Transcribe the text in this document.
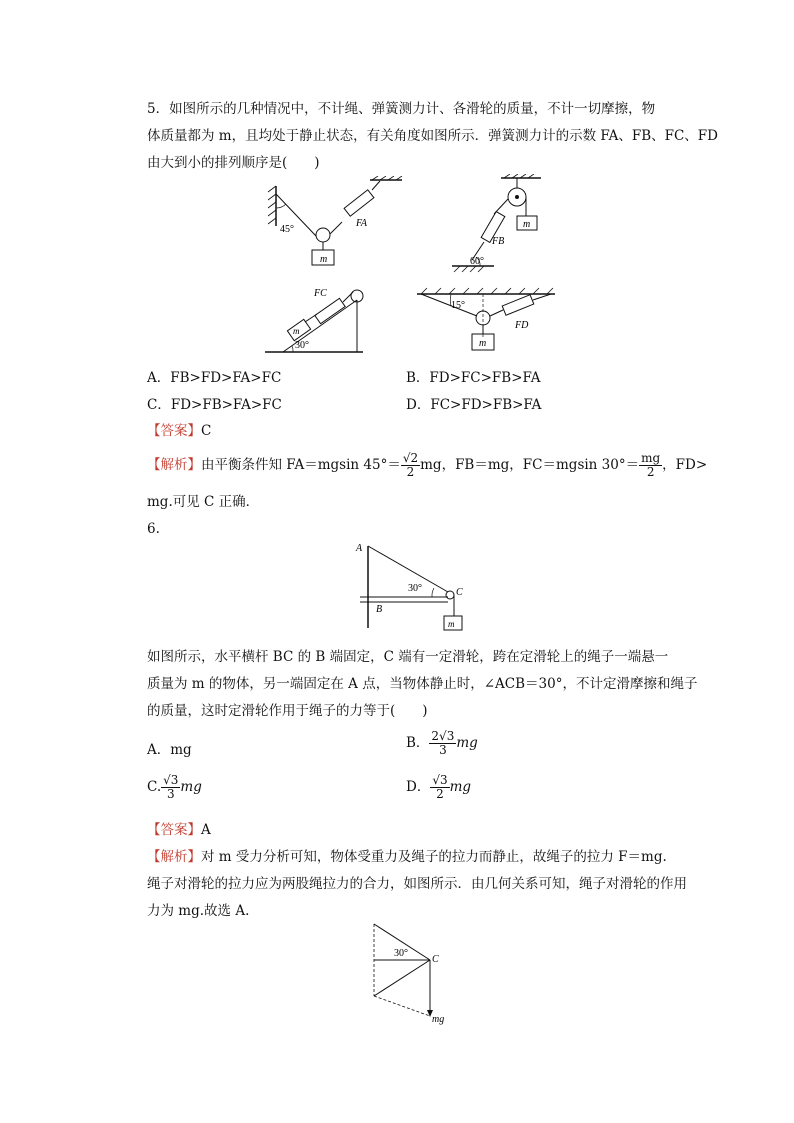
5．如图所示的几种情况中，不计绳、弹簧测力计、各滑轮的质量，不计一切摩擦，物
体质量都为 m，且均处于静止状态，有关角度如图所示．弹簧测力计的示数 FA、FB、FC、FD
由大到小的排列顺序是(　　)
m
45°
FA	m
60°
FB
m
30°
FC
m
15°
FD
A．FB>FD>FA>FC	B．FD>FC>FB>FA
C．FD>FB>FA>FC	D．FC>FD>FB>FA
【答案】C
【解析】由平衡条件知 FA＝mgsin $45^\circ= \frac{√2}{2}$ mg，FB＝mg，FC＝mgsin $30^\circ= \frac{mg}{2}$ ，FD>
mg.可见 C 正确．
6.
A
B
C
30°
m
如图所示，水平横杆 BC 的 B 端固定，C 端有一定滑轮，跨在定滑轮上的绳子一端悬一
质量为 m 的物体，另一端固定在 A 点，当物体静止时，∠ACB＝30°，不计定滑摩擦和绳子
的质量，这时定滑轮作用于绳子的力等于(　　)
A．mg	B． $\frac{2√3}{3}$ mg
C. $\frac{√3}{3}$ mg	D． $\frac{√3}{2}$ mg
【答案】A
【解析】对 m 受力分析可知，物体受重力及绳子的拉力而静止，故绳子的拉力 F＝mg.
绳子对滑轮的拉力应为两股绳拉力的合力，如图所示．由几何关系可知，绳子对滑轮的作用
力为 mg.故选 A.
30°
C
mg
